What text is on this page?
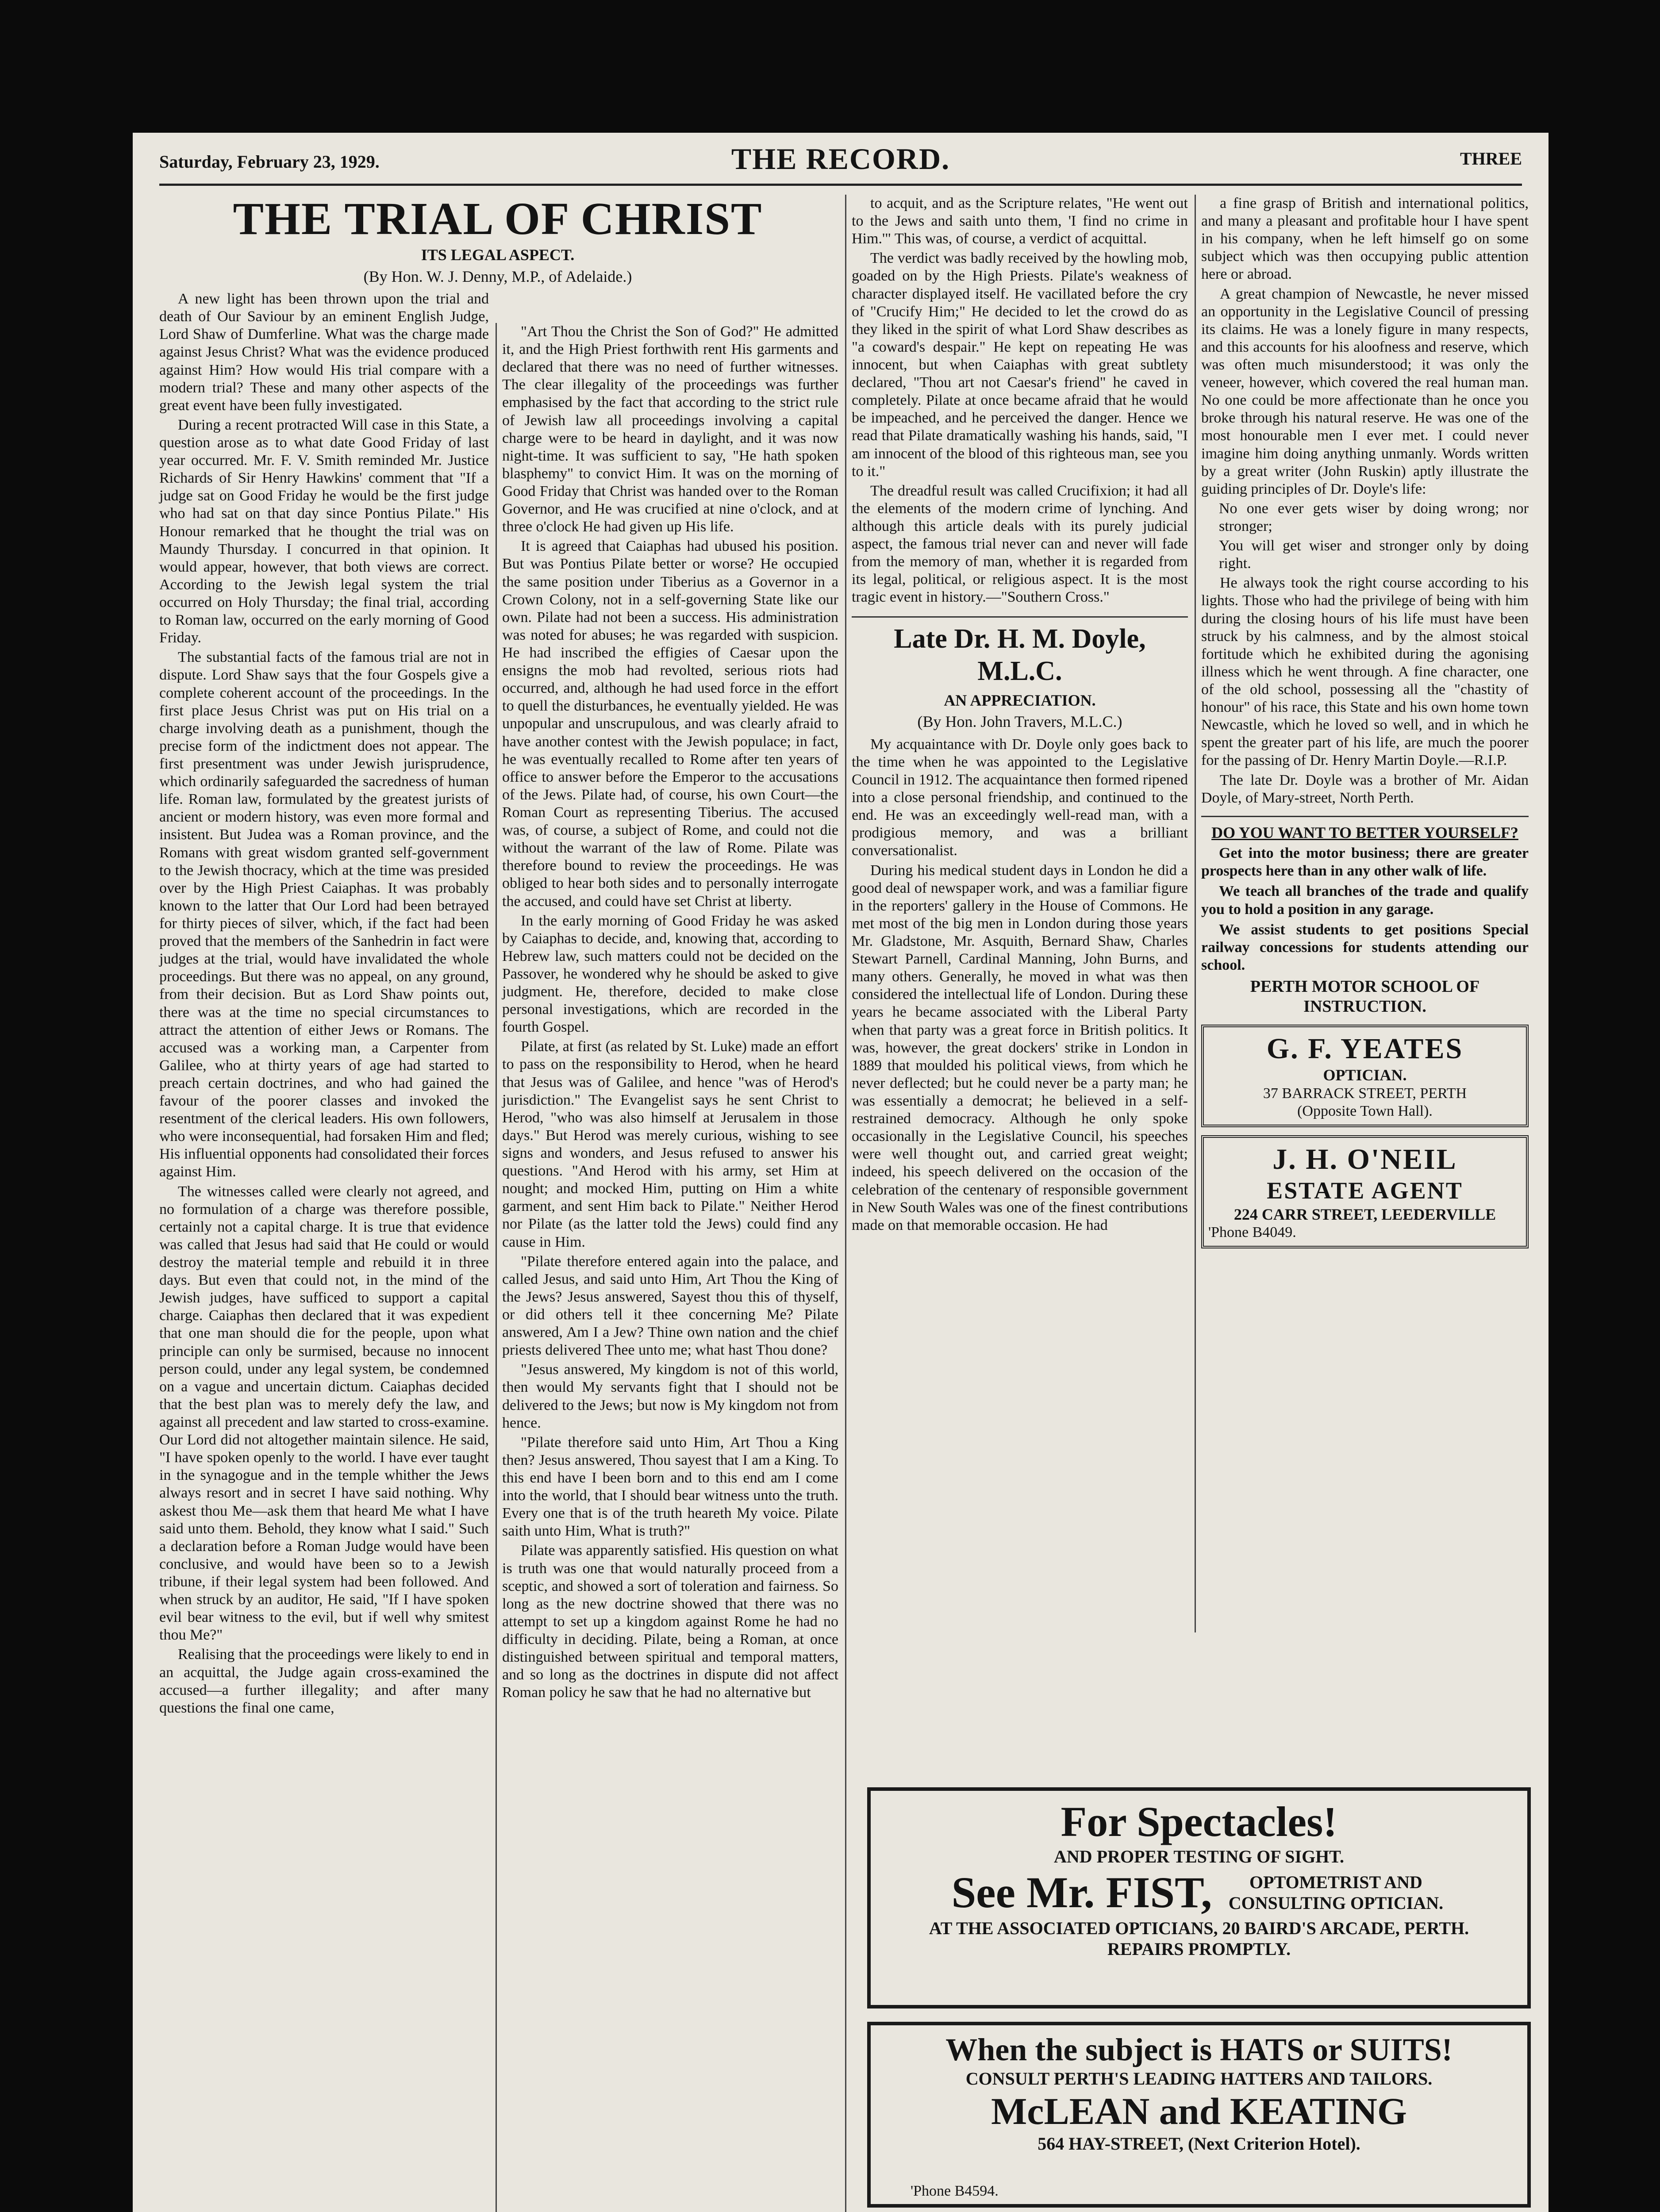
Saturday, February 23, 1929.	THE RECORD.	THREE
THE TRIAL OF CHRIST
ITS LEGAL ASPECT.
(By Hon. W. J. Denny, M.P., of Adelaide.)

A new light has been thrown upon the trial and death of Our Saviour by an eminent English Judge, Lord Shaw of Dumferline. What was the charge made against Jesus Christ? What was the evidence produced against Him? How would His trial compare with a modern trial? These and many other aspects of the great event have been fully investigated.

During a recent protracted Will case in this State, a question arose as to what date Good Friday of last year occurred. Mr. F. V. Smith reminded Mr. Justice Richards of Sir Henry Hawkins' comment that "If a judge sat on Good Friday he would be the first judge who had sat on that day since Pontius Pilate." His Honour remarked that he thought the trial was on Maundy Thursday. I concurred in that opinion. It would appear, however, that both views are correct. According to the Jewish legal system the trial occurred on Holy Thursday; the final trial, according to Roman law, occurred on the early morning of Good Friday.

The substantial facts of the famous trial are not in dispute. Lord Shaw says that the four Gospels give a complete coherent account of the proceedings. In the first place Jesus Christ was put on His trial on a charge involving death as a punishment, though the precise form of the indictment does not appear. The first presentment was under Jewish jurisprudence, which ordinarily safeguarded the sacredness of human life. Roman law, formulated by the greatest jurists of ancient or modern history, was even more formal and insistent. But Judea was a Roman province, and the Romans with great wisdom granted self-government to the Jewish thocracy, which at the time was presided over by the High Priest Caiaphas. It was probably known to the latter that Our Lord had been betrayed for thirty pieces of silver, which, if the fact had been proved that the members of the Sanhedrin in fact were judges at the trial, would have invalidated the whole proceedings. But there was no appeal, on any ground, from their decision. But as Lord Shaw points out, there was at the time no special circumstances to attract the attention of either Jews or Romans. The accused was a working man, a Carpenter from Galilee, who at thirty years of age had started to preach certain doctrines, and who had gained the favour of the poorer classes and invoked the resentment of the clerical leaders. His own followers, who were inconsequential, had forsaken Him and fled; His influential opponents had consolidated their forces against Him.

The witnesses called were clearly not agreed, and no formulation of a charge was therefore possible, certainly not a capital charge. It is true that evidence was called that Jesus had said that He could or would destroy the material temple and rebuild it in three days. But even that could not, in the mind of the Jewish judges, have sufficed to support a capital charge. Caiaphas then declared that it was expedient that one man should die for the people, upon what principle can only be surmised, because no innocent person could, under any legal system, be condemned on a vague and uncertain dictum. Caiaphas decided that the best plan was to merely defy the law, and against all precedent and law started to cross-examine. Our Lord did not altogether maintain silence. He said, "I have spoken openly to the world. I have ever taught in the synagogue and in the temple whither the Jews always resort and in secret I have said nothing. Why askest thou Me—ask them that heard Me what I have said unto them. Behold, they know what I said." Such a declaration before a Roman Judge would have been conclusive, and would have been so to a Jewish tribune, if their legal system had been followed. And when struck by an auditor, He said, "If I have spoken evil bear witness to the evil, but if well why smitest thou Me?"

Realising that the proceedings were likely to end in an acquittal, the Judge again cross-examined the accused—a further illegality; and after many questions the final one came,

"Art Thou the Christ the Son of God?" He admitted it, and the High Priest forthwith rent His garments and declared that there was no need of further witnesses. The clear illegality of the proceedings was further emphasised by the fact that according to the strict rule of Jewish law all proceedings involving a capital charge were to be heard in daylight, and it was now night-time. It was sufficient to say, "He hath spoken blasphemy" to convict Him. It was on the morning of Good Friday that Christ was handed over to the Roman Governor, and He was crucified at nine o'clock, and at three o'clock He had given up His life.

It is agreed that Caiaphas had ubused his position. But was Pontius Pilate better or worse? He occupied the same position under Tiberius as a Governor in a Crown Colony, not in a self-governing State like our own. Pilate had not been a success. His administration was noted for abuses; he was regarded with suspicion. He had inscribed the effigies of Caesar upon the ensigns the mob had revolted, serious riots had occurred, and, although he had used force in the effort to quell the disturbances, he eventually yielded. He was unpopular and unscrupulous, and was clearly afraid to have another contest with the Jewish populace; in fact, he was eventually recalled to Rome after ten years of office to answer before the Emperor to the accusations of the Jews. Pilate had, of course, his own Court—the Roman Court as representing Tiberius. The accused was, of course, a subject of Rome, and could not die without the warrant of the law of Rome. Pilate was therefore bound to review the proceedings. He was obliged to hear both sides and to personally interrogate the accused, and could have set Christ at liberty.

In the early morning of Good Friday he was asked by Caiaphas to decide, and, knowing that, according to Hebrew law, such matters could not be decided on the Passover, he wondered why he should be asked to give judgment. He, therefore, decided to make close personal investigations, which are recorded in the fourth Gospel.

Pilate, at first (as related by St. Luke) made an effort to pass on the responsibility to Herod, when he heard that Jesus was of Galilee, and hence "was of Herod's jurisdiction." The Evangelist says he sent Christ to Herod, "who was also himself at Jerusalem in those days." But Herod was merely curious, wishing to see signs and wonders, and Jesus refused to answer his questions. "And Herod with his army, set Him at nought; and mocked Him, putting on Him a white garment, and sent Him back to Pilate." Neither Herod nor Pilate (as the latter told the Jews) could find any cause in Him.

"Pilate therefore entered again into the palace, and called Jesus, and said unto Him, Art Thou the King of the Jews? Jesus answered, Sayest thou this of thyself, or did others tell it thee concerning Me? Pilate answered, Am I a Jew? Thine own nation and the chief priests delivered Thee unto me; what hast Thou done?

"Jesus answered, My kingdom is not of this world, then would My servants fight that I should not be delivered to the Jews; but now is My kingdom not from hence.

"Pilate therefore said unto Him, Art Thou a King then? Jesus answered, Thou sayest that I am a King. To this end have I been born and to this end am I come into the world, that I should bear witness unto the truth. Every one that is of the truth heareth My voice. Pilate saith unto Him, What is truth?"

Pilate was apparently satisfied. His question on what is truth was one that would naturally proceed from a sceptic, and showed a sort of toleration and fairness. So long as the new doctrine showed that there was no attempt to set up a kingdom against Rome he had no difficulty in deciding. Pilate, being a Roman, at once distinguished between spiritual and temporal matters, and so long as the doctrines in dispute did not affect Roman policy he saw that he had no alternative but

to acquit, and as the Scripture relates, "He went out to the Jews and saith unto them, 'I find no crime in Him.'" This was, of course, a verdict of acquittal.

The verdict was badly received by the howling mob, goaded on by the High Priests. Pilate's weakness of character displayed itself. He vacillated before the cry of "Crucify Him;" He decided to let the crowd do as they liked in the spirit of what Lord Shaw describes as "a coward's despair." He kept on repeating He was innocent, but when Caiaphas with great subtlety declared, "Thou art not Caesar's friend" he caved in completely. Pilate at once became afraid that he would be impeached, and he perceived the danger. Hence we read that Pilate dramatically washing his hands, said, "I am innocent of the blood of this righteous man, see you to it."

The dreadful result was called Crucifixion; it had all the elements of the modern crime of lynching. And although this article deals with its purely judicial aspect, the famous trial never can and never will fade from the memory of man, whether it is regarded from its legal, political, or religious aspect. It is the most tragic event in history.—"Southern Cross."

Late Dr. H. M. Doyle, M.L.C.
AN APPRECIATION.
(By Hon. John Travers, M.L.C.)

My acquaintance with Dr. Doyle only goes back to the time when he was appointed to the Legislative Council in 1912. The acquaintance then formed ripened into a close personal friendship, and continued to the end. He was an exceedingly well-read man, with a prodigious memory, and was a brilliant conversationalist.

During his medical student days in London he did a good deal of newspaper work, and was a familiar figure in the reporters' gallery in the House of Commons. He met most of the big men in London during those years Mr. Gladstone, Mr. Asquith, Bernard Shaw, Charles Stewart Parnell, Cardinal Manning, John Burns, and many others. Generally, he moved in what was then considered the intellectual life of London. During these years he became associated with the Liberal Party when that party was a great force in British politics. It was, however, the great dockers' strike in London in 1889 that moulded his political views, from which he never deflected; but he could never be a party man; he was essentially a democrat; he believed in a self-restrained democracy. Although he only spoke occasionally in the Legislative Council, his speeches were well thought out, and carried great weight; indeed, his speech delivered on the occasion of the celebration of the centenary of responsible government in New South Wales was one of the finest contributions made on that memorable occasion. He had

a fine grasp of British and international politics, and many a pleasant and profitable hour I have spent in his company, when he left himself go on some subject which was then occupying public attention here or abroad.

A great champion of Newcastle, he never missed an opportunity in the Legislative Council of pressing its claims. He was a lonely figure in many respects, and this accounts for his aloofness and reserve, which was often much misunderstood; it was only the veneer, however, which covered the real human man. No one could be more affectionate than he once you broke through his natural reserve. He was one of the most honourable men I ever met. I could never imagine him doing anything unmanly. Words written by a great writer (John Ruskin) aptly illustrate the guiding principles of Dr. Doyle's life:

No one ever gets wiser by doing wrong; nor stronger;

You will get wiser and stronger only by doing right.

He always took the right course according to his lights. Those who had the privilege of being with him during the closing hours of his life must have been struck by his calmness, and by the almost stoical fortitude which he exhibited during the agonising illness which he went through. A fine character, one of the old school, possessing all the "chastity of honour" of his race, this State and his own home town Newcastle, which he loved so well, and in which he spent the greater part of his life, are much the poorer for the passing of Dr. Henry Martin Doyle.—R.I.P.

The late Dr. Doyle was a brother of Mr. Aidan Doyle, of Mary-street, North Perth.

DO YOU WANT TO BETTER YOURSELF?

Get into the motor business; there are greater prospects here than in any other walk of life.

We teach all branches of the trade and qualify you to hold a position in any garage.

We assist students to get positions Special railway concessions for students attending our school.

PERTH MOTOR SCHOOL OF INSTRUCTION.
G. F. YEATES
OPTICIAN.
37 BARRACK STREET, PERTH
(Opposite Town Hall).
J. H. O'NEIL
ESTATE AGENT
224 CARR STREET, LEEDERVILLE
'Phone B4049.
For Spectacles!
AND PROPER TESTING OF SIGHT.
See Mr. FIST,	OPTOMETRIST AND CONSULTING OPTICIAN.
AT THE ASSOCIATED OPTICIANS, 20 BAIRD'S ARCADE, PERTH.
REPAIRS PROMPTLY.
When the subject is HATS or SUITS!
CONSULT PERTH'S LEADING HATTERS AND TAILORS.
McLEAN and KEATING
564 HAY-STREET, (Next Criterion Hotel).
'Phone B4594.
